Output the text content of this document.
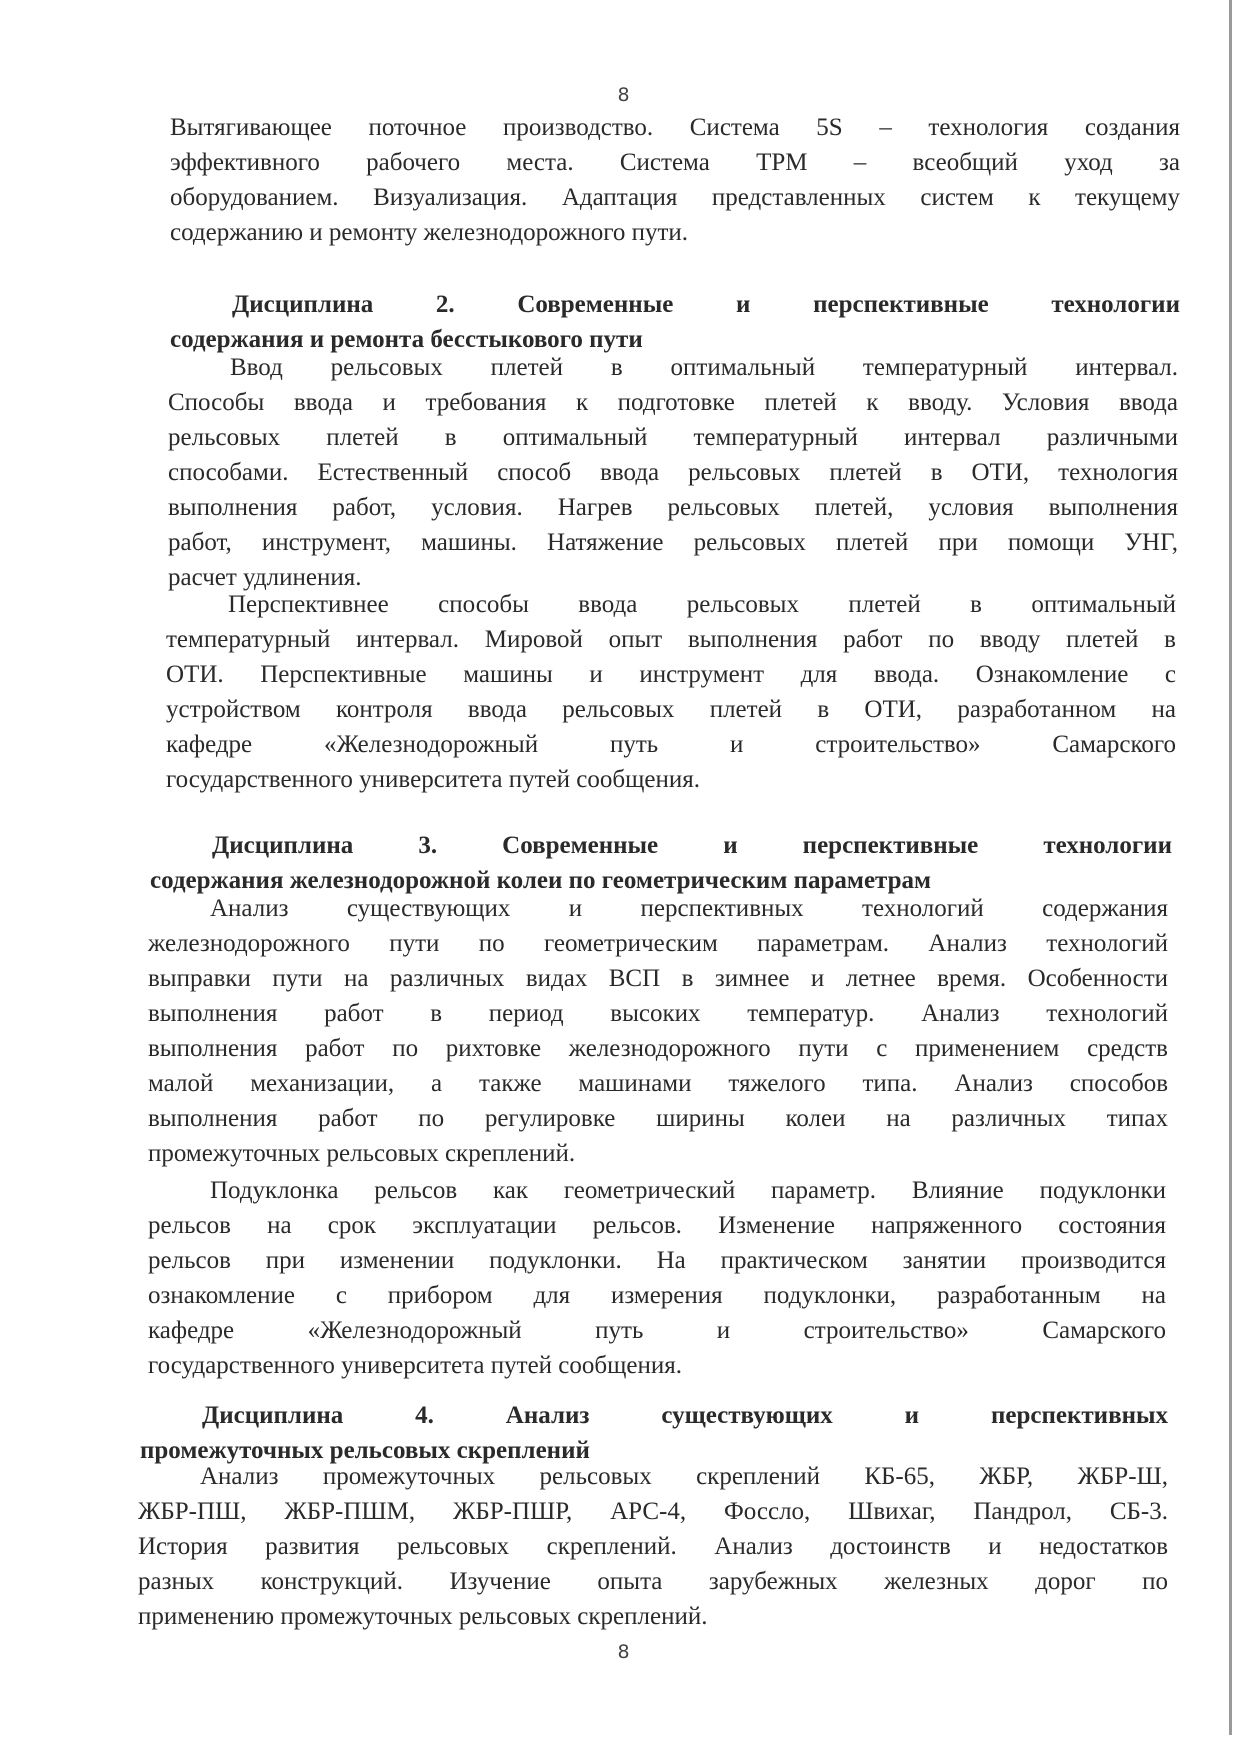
8
Вытягивающее поточное производство. Система 5S – технология создания
эффективного рабочего места. Система ТРМ – всеобщий уход за
оборудованием. Визуализация. Адаптация представленных систем к текущему
содержанию и ремонту железнодорожного пути.
Дисциплина 2. Современные и перспективные технологии
содержания и ремонта бесстыкового пути
Ввод рельсовых плетей в оптимальный температурный интервал.
Способы ввода и требования к подготовке плетей к вводу. Условия ввода
рельсовых плетей в оптимальный температурный интервал различными
способами. Естественный способ ввода рельсовых плетей в ОТИ, технология
выполнения работ, условия. Нагрев рельсовых плетей, условия выполнения
работ, инструмент, машины. Натяжение рельсовых плетей при помощи УНГ,
расчет удлинения.
Перспективнее способы ввода рельсовых плетей в оптимальный
температурный интервал. Мировой опыт выполнения работ по вводу плетей в
ОТИ. Перспективные машины и инструмент для ввода. Ознакомление с
устройством контроля ввода рельсовых плетей в ОТИ, разработанном на
кафедре «Железнодорожный путь и строительство» Самарского
государственного университета путей сообщения.
Дисциплина 3. Современные и перспективные технологии
содержания железнодорожной колеи по геометрическим параметрам
Анализ существующих и перспективных технологий содержания
железнодорожного пути по геометрическим параметрам. Анализ технологий
выправки пути на различных видах ВСП в зимнее и летнее время. Особенности
выполнения работ в период высоких температур. Анализ технологий
выполнения работ по рихтовке железнодорожного пути с применением средств
малой механизации, а также машинами тяжелого типа. Анализ способов
выполнения работ по регулировке ширины колеи на различных типах
промежуточных рельсовых скреплений.
Подуклонка рельсов как геометрический параметр. Влияние подуклонки
рельсов на срок эксплуатации рельсов. Изменение напряженного состояния
рельсов при изменении подуклонки. На практическом занятии производится
ознакомление с прибором для измерения подуклонки, разработанным на
кафедре «Железнодорожный путь и строительство» Самарского
государственного университета путей сообщения.
Дисциплина 4. Анализ существующих и перспективных
промежуточных рельсовых скреплений
Анализ промежуточных рельсовых скреплений КБ-65, ЖБР, ЖБР-Ш,
ЖБР-ПШ, ЖБР-ПШМ, ЖБР-ПШР, АРС-4, Фоссло, Швихаг, Пандрол, СБ-3.
История развития рельсовых скреплений. Анализ достоинств и недостатков
разных конструкций. Изучение опыта зарубежных железных дорог по
применению промежуточных рельсовых скреплений.
8
